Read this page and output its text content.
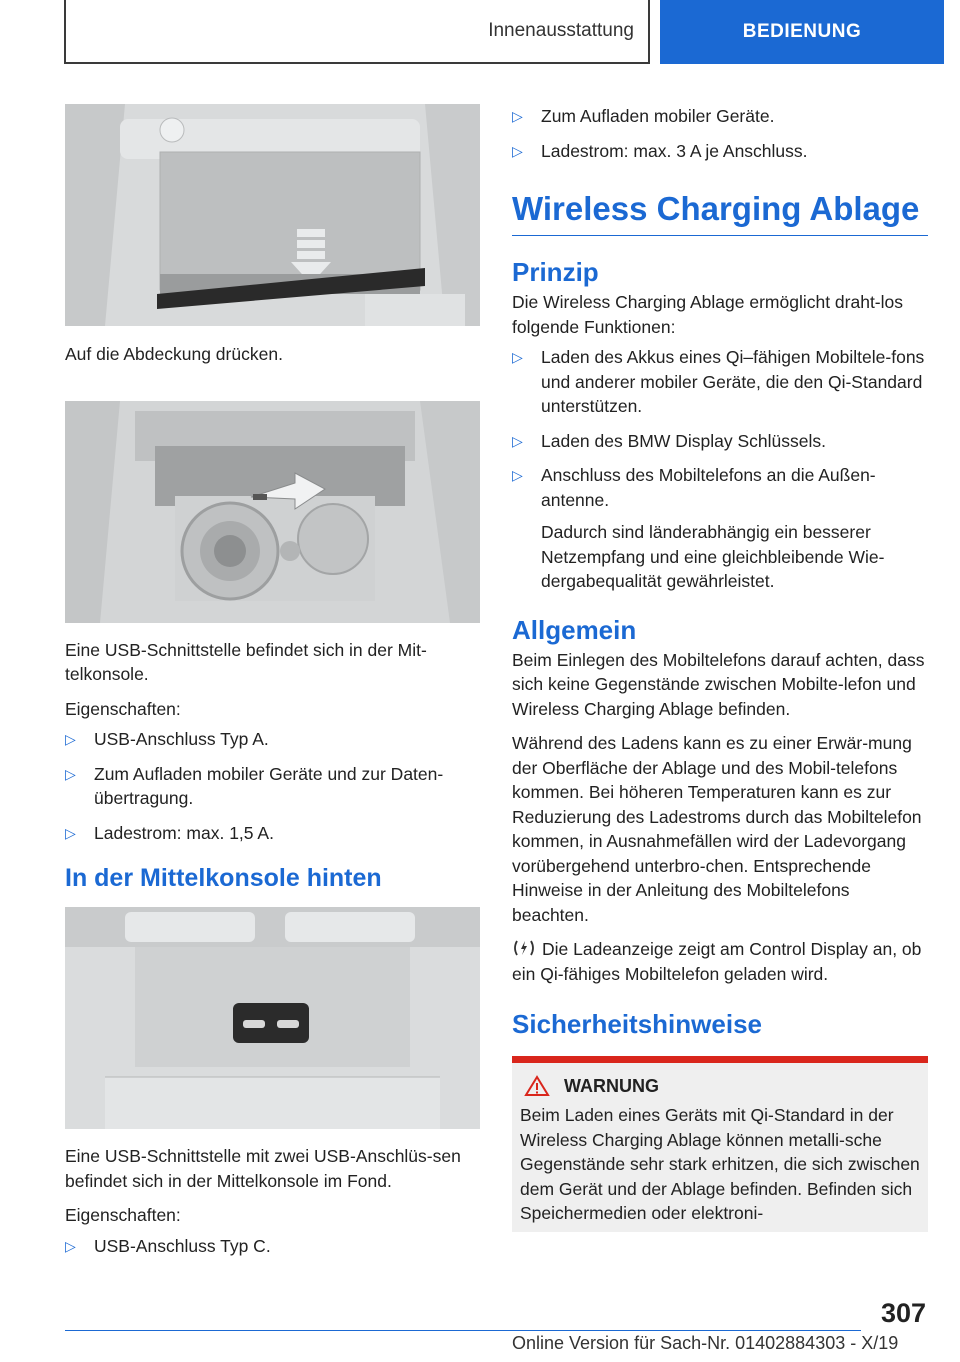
Innenausstattung	BEDIENUNG
Auf die Abdeckung drücken.
Eine USB-Schnittstelle befindet sich in der Mit-telkonsole.
Eigenschaften:
▷ USB-Anschluss Typ A.
▷ Zum Aufladen mobiler Geräte und zur Daten-übertragung.
▷ Ladestrom: max. 1,5 A.
In der Mittelkonsole hinten
Eine USB-Schnittstelle mit zwei USB-Anschlüs-sen befindet sich in der Mittelkonsole im Fond.
Eigenschaften:
▷ USB-Anschluss Typ C.
▷ Zum Aufladen mobiler Geräte.
▷ Ladestrom: max. 3 A je Anschluss.
Wireless Charging Ablage
Prinzip
Die Wireless Charging Ablage ermöglicht draht-los folgende Funktionen:
▷ Laden des Akkus eines Qi–fähigen Mobiltele-fons und anderer mobiler Geräte, die den Qi-Standard unterstützen.
▷ Laden des BMW Display Schlüssels.
▷ Anschluss des Mobiltelefons an die Außen-antenne.
Dadurch sind länderabhängig ein besserer Netzempfang und eine gleichbleibende Wie-dergabequalität gewährleistet.
Allgemein
Beim Einlegen des Mobiltelefons darauf achten, dass sich keine Gegenstände zwischen Mobilte-lefon und Wireless Charging Ablage befinden.
Während des Ladens kann es zu einer Erwär-mung der Oberfläche der Ablage und des Mobil-telefons kommen. Bei höheren Temperaturen kann es zur Reduzierung des Ladestroms durch das Mobiltelefon kommen, in Ausnahmefällen wird der Ladevorgang vorübergehend unterbro-chen. Entsprechende Hinweise in der Anleitung des Mobiltelefons beachten.
Die Ladeanzeige zeigt am Control Display an, ob ein Qi-fähiges Mobiltelefon geladen wird.
Sicherheitshinweise
WARNUNG
Beim Laden eines Geräts mit Qi-Standard in der Wireless Charging Ablage können metalli-sche Gegenstände sehr stark erhitzen, die sich zwischen dem Gerät und der Ablage befinden. Befinden sich Speichermedien oder elektroni-
307
Online Version für Sach-Nr. 01402884303 - X/19
